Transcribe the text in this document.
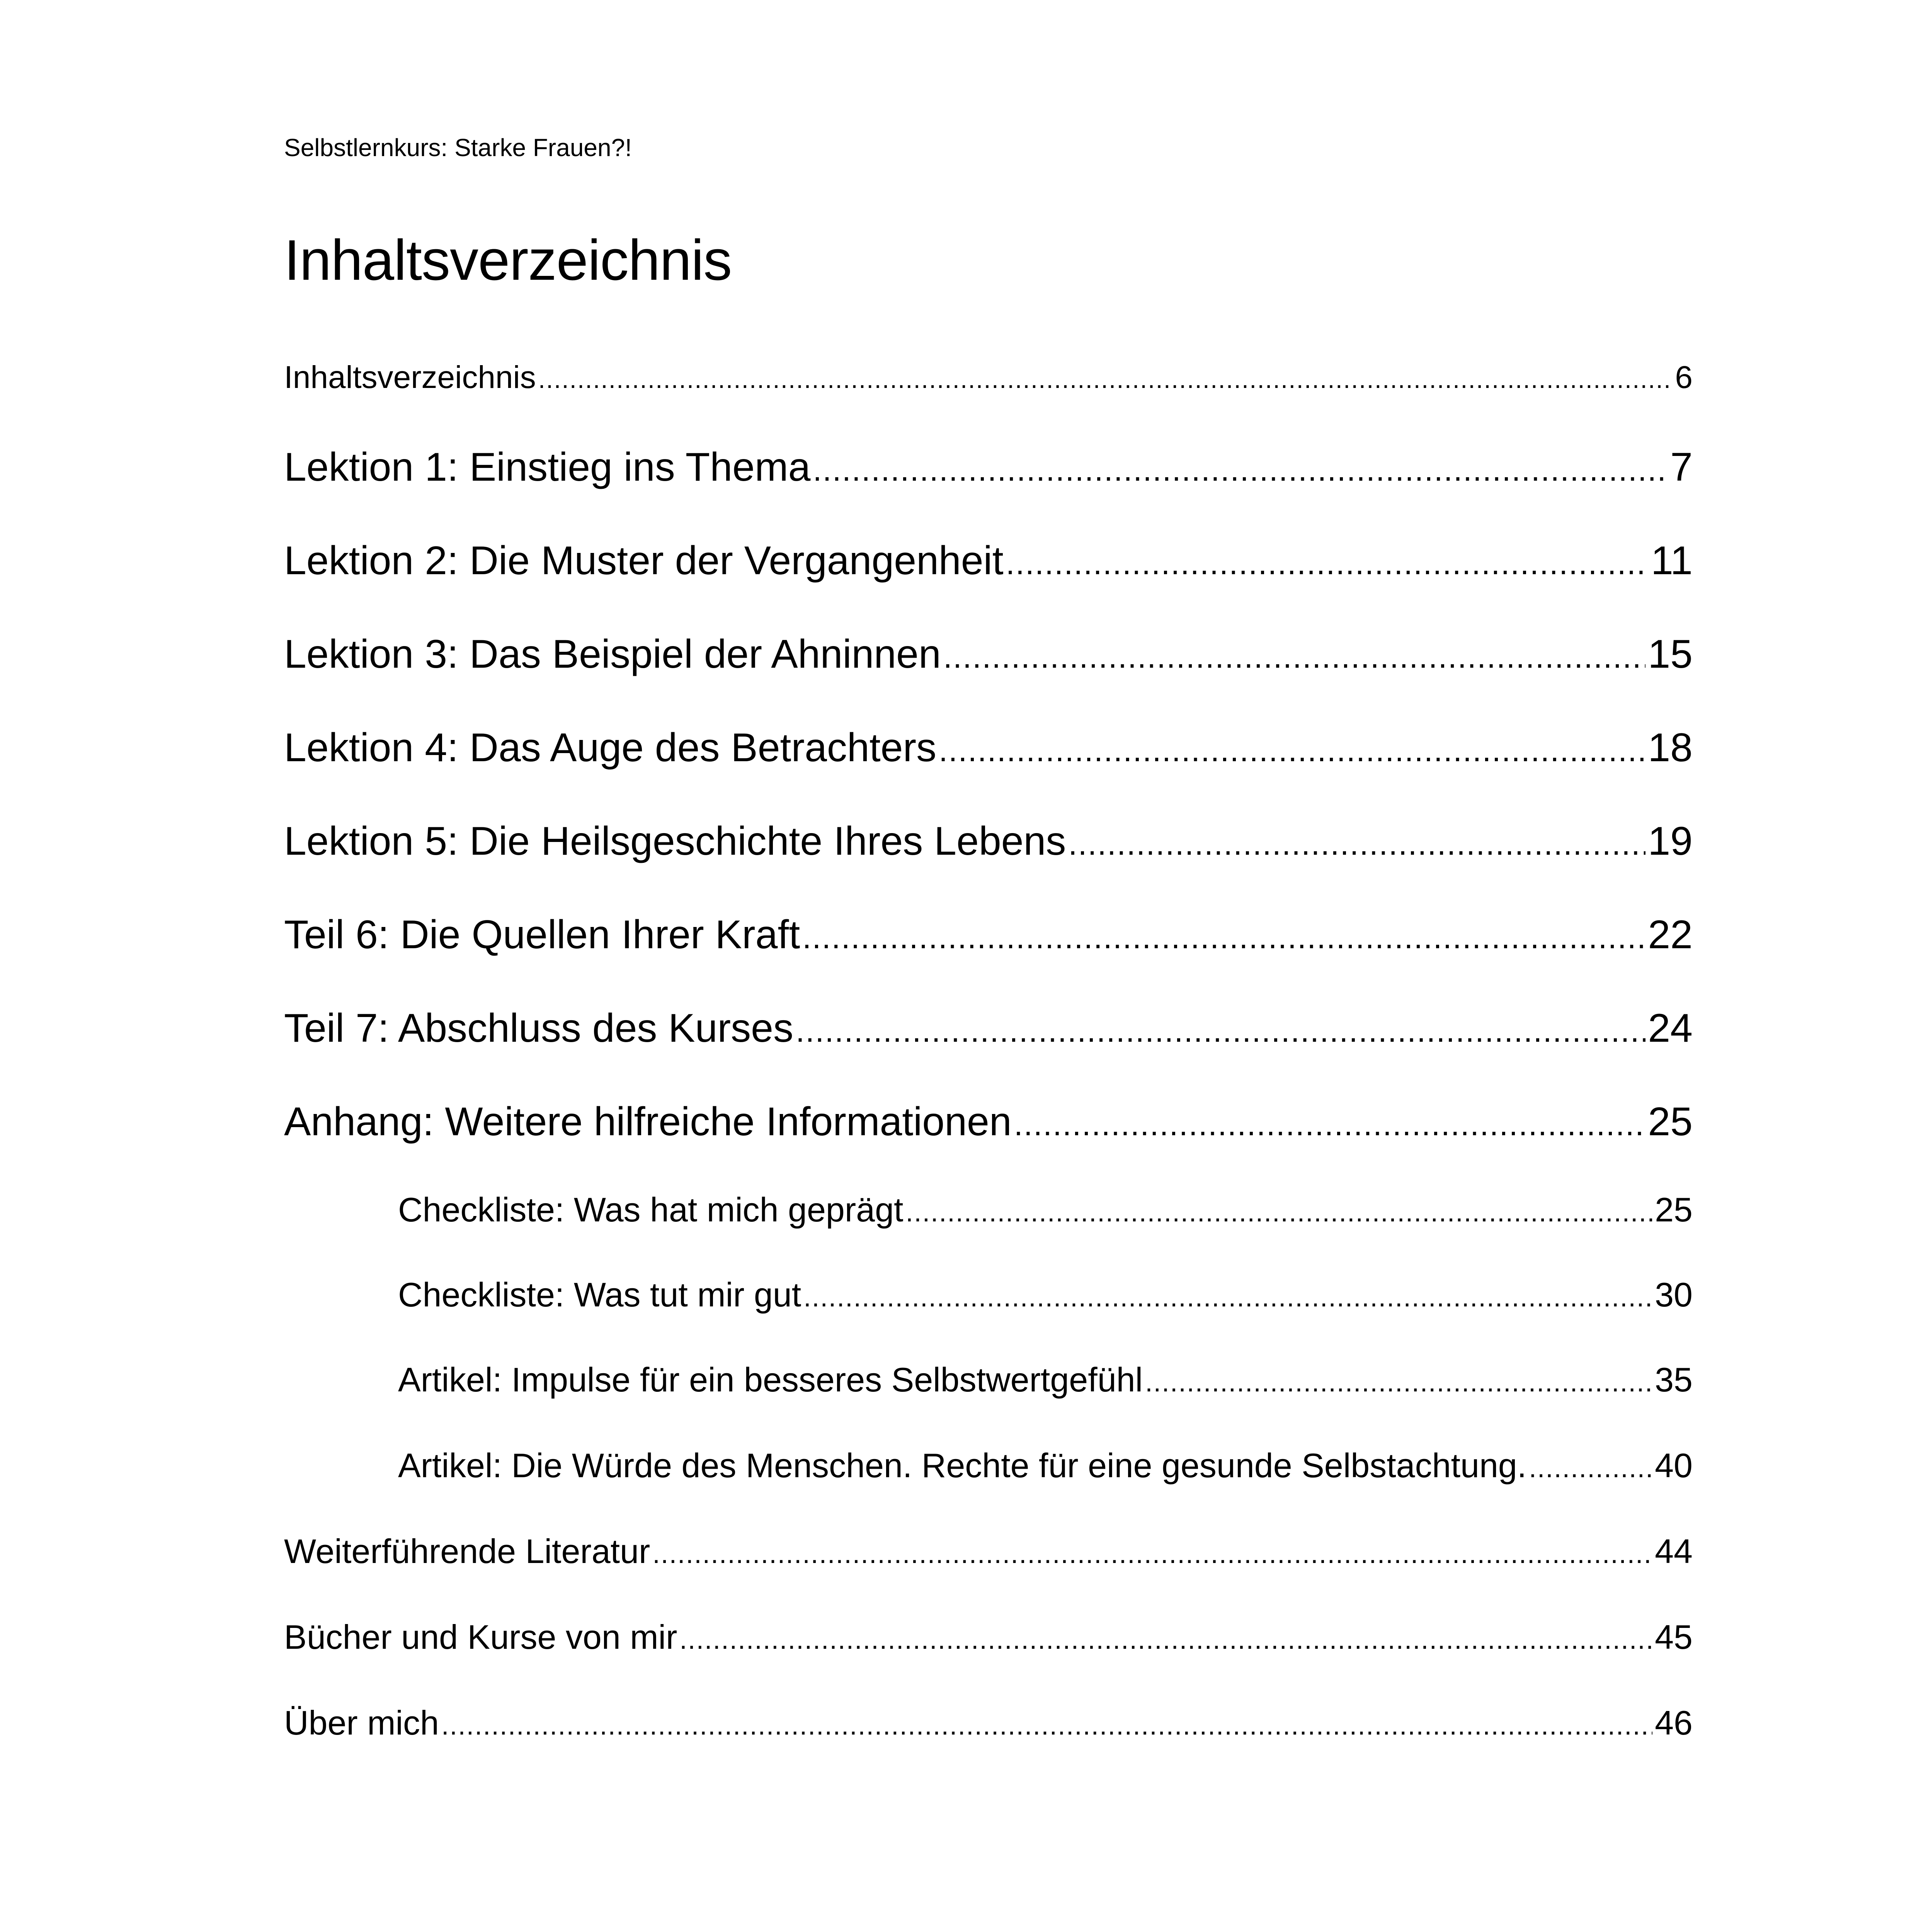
Selbstlernkurs: Starke Frauen?!
Inhaltsverzeichnis
Inhaltsverzeichnis .....	6
Lektion 1: Einstieg ins Thema .....	7
Lektion 2: Die Muster der Vergangenheit .....	11
Lektion 3: Das Beispiel der Ahninnen .....	15
Lektion 4: Das Auge des Betrachters .....	18
Lektion 5: Die Heilsgeschichte Ihres Lebens .....	19
Teil 6: Die Quellen Ihrer Kraft .....	22
Teil 7: Abschluss des Kurses .....	24
Anhang: Weitere hilfreiche Informationen .....	25
Checkliste: Was hat mich geprägt .....	25
Checkliste: Was tut mir gut .....	30
Artikel: Impulse für ein besseres Selbstwertgefühl .....	35
Artikel: Die Würde des Menschen. Rechte für eine gesunde Selbstachtung. .....	40
Weiterführende Literatur .....	44
Bücher und Kurse von mir .....	45
Über mich .....	46
